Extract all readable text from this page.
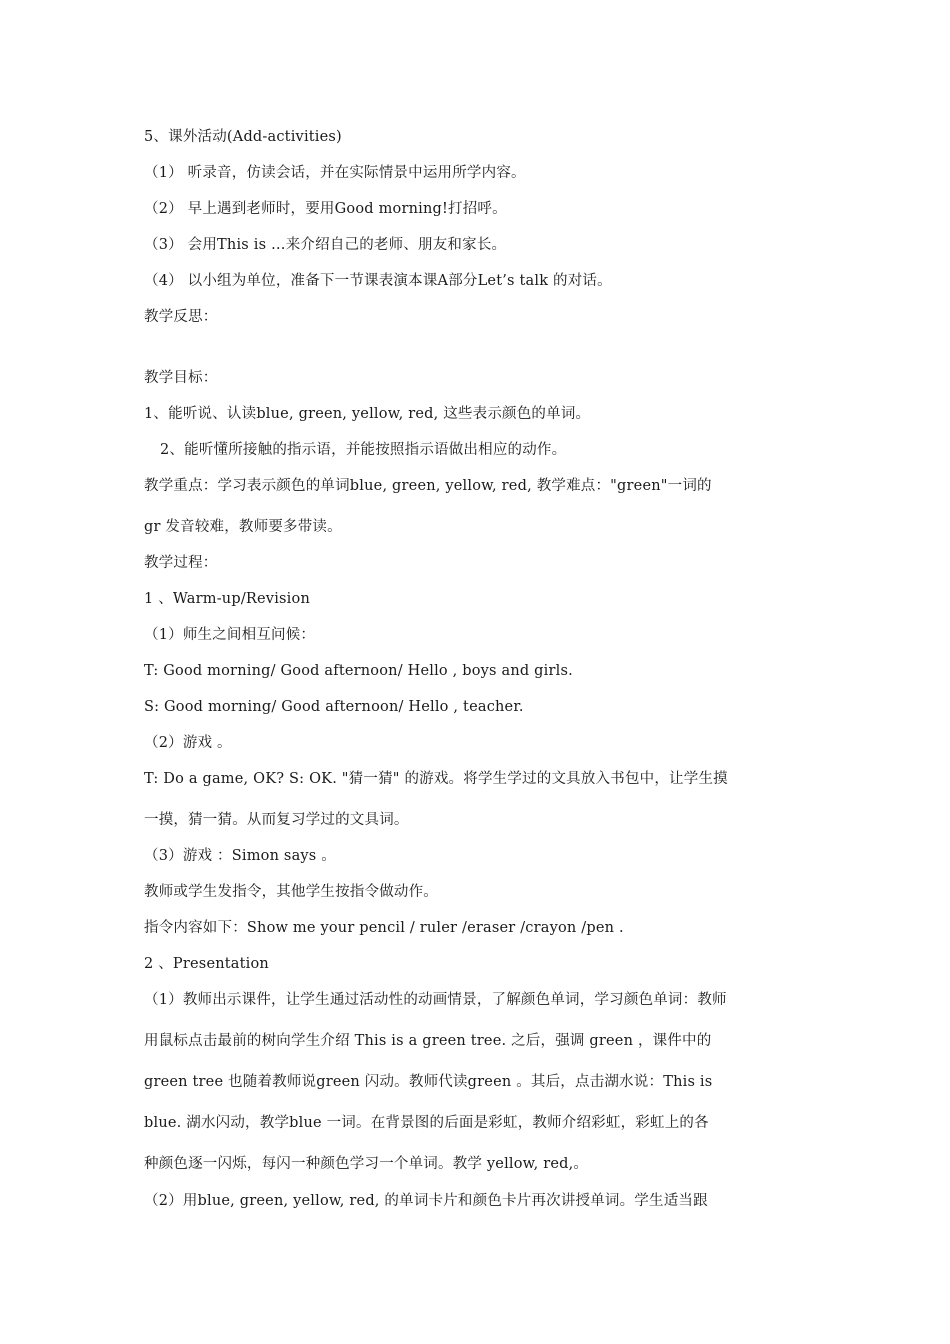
5、课外活动(Add-activities)
（1） 听录音，仿读会话，并在实际情景中运用所学内容。
（2） 早上遇到老师时，要用Good morning!打招呼。
（3） 会用This is …来介绍自己的老师、朋友和家长。
（4） 以小组为单位，准备下一节课表演本课A部分Let’s talk 的对话。
教学反思：
教学目标：
1、能听说、认读blue, green, yellow, red, 这些表示颜色的单词。
2、能听懂所接触的指示语，并能按照指示语做出相应的动作。
教学重点：学习表示颜色的单词blue, green, yellow, red, 教学难点："green"一词的
gr 发音较难，教师要多带读。
教学过程：
1 、Warm-up/Revision
（1）师生之间相互问候：
T: Good morning/ Good afternoon/ Hello , boys and girls.
S: Good morning/ Good afternoon/ Hello , teacher.
（2）游戏 。
T: Do a game, OK? S: OK. "猜一猜" 的游戏。将学生学过的文具放入书包中，让学生摸
一摸，猜一猜。从而复习学过的文具词。
（3）游戏 ：Simon says 。
教师或学生发指令，其他学生按指令做动作。
指令内容如下：Show me your pencil / ruler /eraser /crayon /pen .
2 、Presentation
（1）教师出示课件，让学生通过活动性的动画情景，了解颜色单词，学习颜色单词：教师
用鼠标点击最前的树向学生介绍 This is a green tree. 之后，强调 green ，课件中的
green tree 也随着教师说green 闪动。教师代读green 。其后，点击湖水说：This is
blue. 湖水闪动，教学blue 一词。在背景图的后面是彩虹，教师介绍彩虹，彩虹上的各
种颜色逐一闪烁，每闪一种颜色学习一个单词。教学 yellow, red,。
（2）用blue, green, yellow, red, 的单词卡片和颜色卡片再次讲授单词。学生适当跟
